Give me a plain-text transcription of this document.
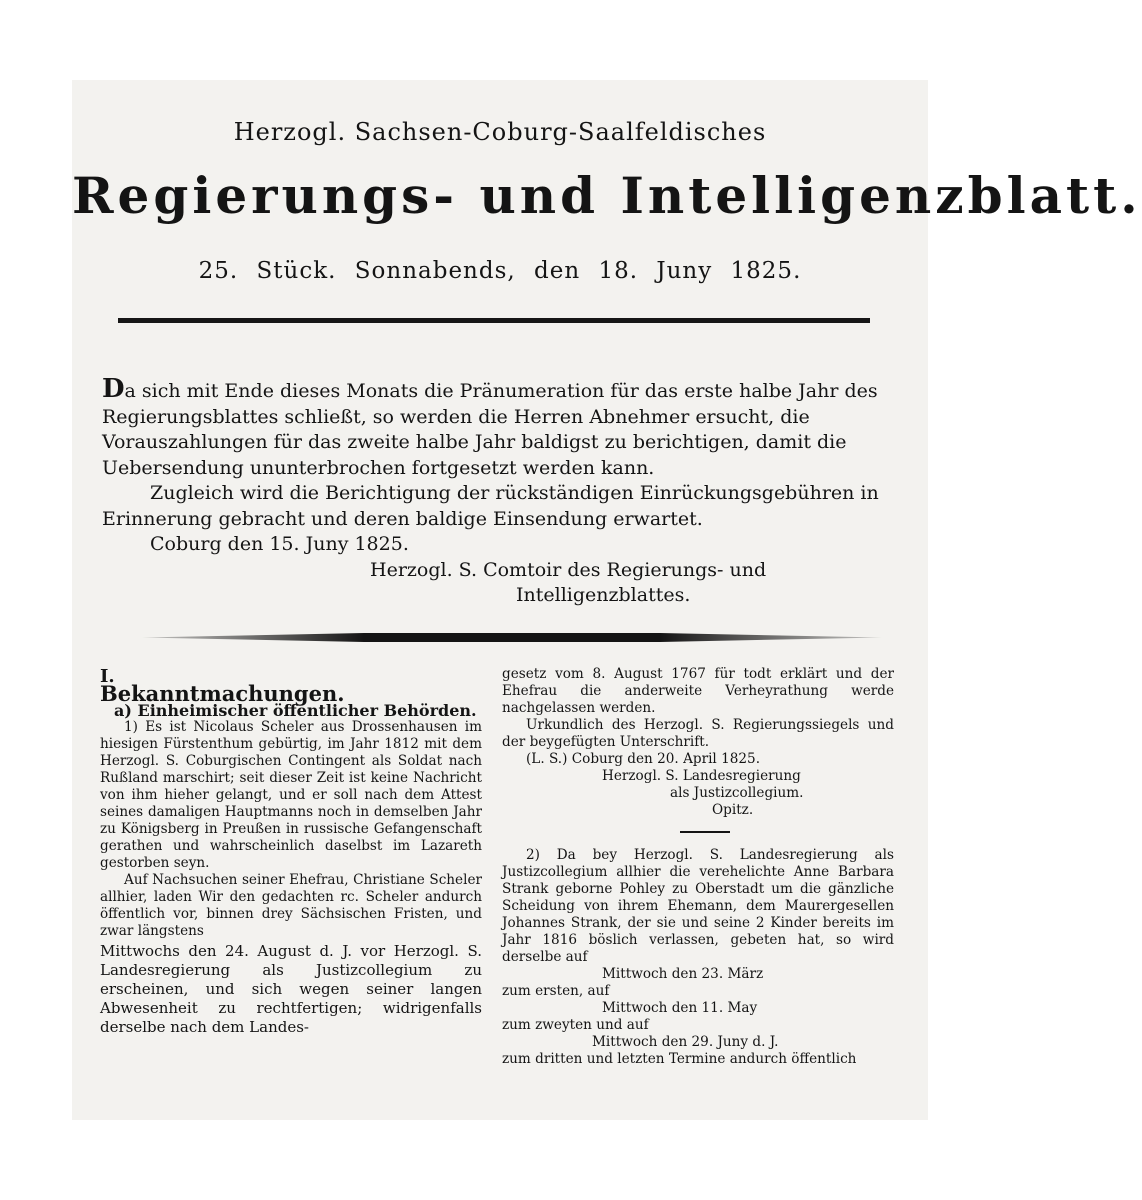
Herzogl. Sachsen-Coburg-Saalfeldisches
Regierungs- und Intelligenzblatt.
25. Stück. Sonnabends, den 18. Juny 1825.

Da sich mit Ende dieses Monats die Pränumeration für das erste halbe Jahr des Regierungsblattes schließt, so werden die Herren Abnehmer ersucht, die Vorauszahlungen für das zweite halbe Jahr baldigst zu berichtigen, damit die Uebersendung ununterbrochen fortgesetzt werden kann.

Zugleich wird die Berichtigung der rückständigen Einrückungsgebühren in Erinnerung gebracht und deren baldige Einsendung erwartet.

Coburg den 15. Juny 1825.

Herzogl. S. Comtoir des Regierungs- und

Intelligenzblattes.

I.

Bekanntmachungen.

a) Einheimischer öffentlicher Behörden.

1) Es ist Nicolaus Scheler aus Drossenhausen im hiesigen Fürstenthum gebürtig, im Jahr 1812 mit dem Herzogl. S. Coburgischen Contingent als Soldat nach Rußland marschirt; seit dieser Zeit ist keine Nachricht von ihm hieher gelangt, und er soll nach dem Attest seines damaligen Hauptmanns noch in demselben Jahr zu Königsberg in Preußen in russische Gefangenschaft gerathen und wahrscheinlich daselbst im Lazareth gestorben seyn.

Auf Nachsuchen seiner Ehefrau, Christiane Scheler allhier, laden Wir den gedachten rc. Scheler andurch öffentlich vor, binnen drey Sächsischen Fristen, und zwar längstens

Mittwochs den 24. August d. J. vor Herzogl. S. Landesregierung als Justizcollegium zu erscheinen, und sich wegen seiner langen Abwesenheit zu rechtfertigen; widrigenfalls derselbe nach dem Landes-

gesetz vom 8. August 1767 für todt erklärt und der Ehefrau die anderweite Verheyrathung werde nachgelassen werden.

Urkundlich des Herzogl. S. Regierungssiegels und der beygefügten Unterschrift.

(L. S.) Coburg den 20. April 1825.

Herzogl. S. Landesregierung

als Justizcollegium.

Opitz.

2) Da bey Herzogl. S. Landesregierung als Justizcollegium allhier die verehelichte Anne Barbara Strank geborne Pohley zu Oberstadt um die gänzliche Scheidung von ihrem Ehemann, dem Maurergesellen Johannes Strank, der sie und seine 2 Kinder bereits im Jahr 1816 böslich verlassen, gebeten hat, so wird derselbe auf

Mittwoch den 23. März

zum ersten, auf

Mittwoch den 11. May

zum zweyten und auf

Mittwoch den 29. Juny d. J.

zum dritten und letzten Termine andurch öffentlich
